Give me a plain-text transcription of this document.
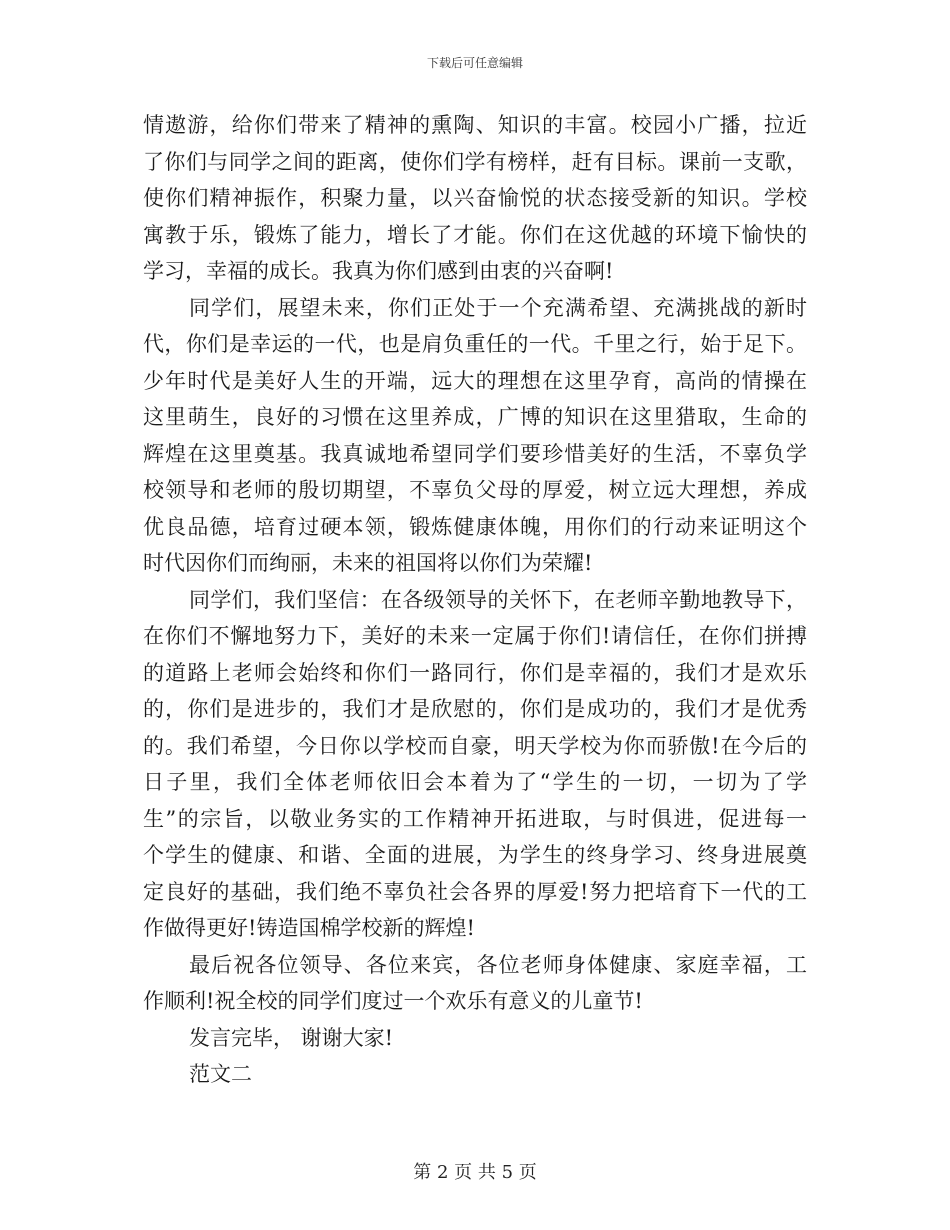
下载后可任意编辑
情遨游，给你们带来了精神的熏陶、知识的丰富。校园小广播，拉近
了你们与同学之间的距离，使你们学有榜样，赶有目标。课前一支歌，
使你们精神振作，积聚力量，以兴奋愉悦的状态接受新的知识。学校
寓教于乐，锻炼了能力，增长了才能。你们在这优越的环境下愉快的
学习，幸福的成长。我真为你们感到由衷的兴奋啊!
同学们，展望未来，你们正处于一个充满希望、充满挑战的新时
代，你们是幸运的一代，也是肩负重任的一代。千里之行，始于足下。
少年时代是美好人生的开端，远大的理想在这里孕育，高尚的情操在
这里萌生，良好的习惯在这里养成，广博的知识在这里猎取，生命的
辉煌在这里奠基。我真诚地希望同学们要珍惜美好的生活，不辜负学
校领导和老师的殷切期望，不辜负父母的厚爱，树立远大理想，养成
优良品德，培育过硬本领，锻炼健康体魄，用你们的行动来证明这个
时代因你们而绚丽，未来的祖国将以你们为荣耀!
同学们，我们坚信：在各级领导的关怀下，在老师辛勤地教导下，
在你们不懈地努力下，美好的未来一定属于你们!请信任，在你们拼搏
的道路上老师会始终和你们一路同行，你们是幸福的，我们才是欢乐
的，你们是进步的，我们才是欣慰的，你们是成功的，我们才是优秀
的。我们希望，今日你以学校而自豪，明天学校为你而骄傲!在今后的
日子里，我们全体老师依旧会本着为了“学生的一切，一切为了学
生”的宗旨，以敬业务实的工作精神开拓进取，与时俱进，促进每一
个学生的健康、和谐、全面的进展，为学生的终身学习、终身进展奠
定良好的基础，我们绝不辜负社会各界的厚爱!努力把培育下一代的工
作做得更好!铸造国棉学校新的辉煌!
最后祝各位领导、各位来宾，各位老师身体健康、家庭幸福，工
作顺利!祝全校的同学们度过一个欢乐有意义的儿童节!
发言完毕， 谢谢大家!
范文二
第 2 页 共 5 页
